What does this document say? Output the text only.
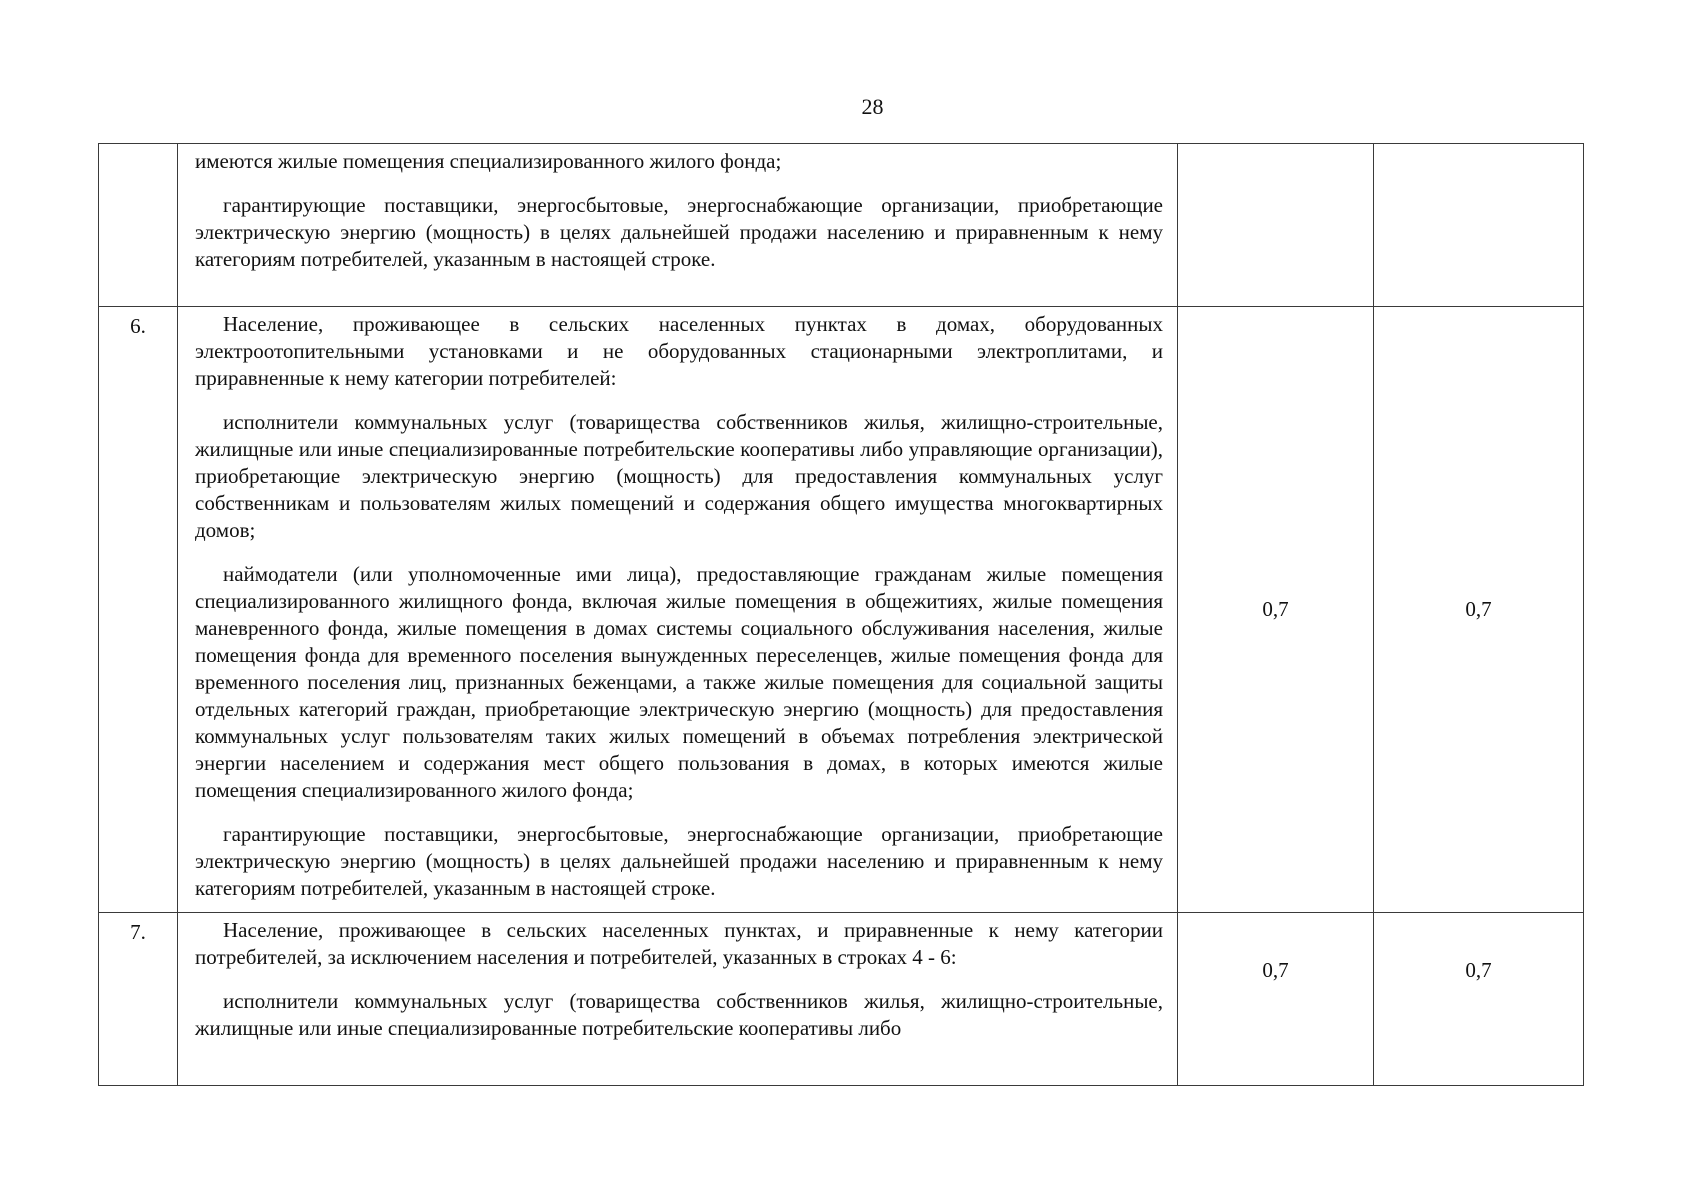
28

	имеются жилые помещения специализированного жилого фонда;

гарантирующие поставщики, энергосбытовые, энергоснабжающие организации, приобретающие электрическую энергию (мощность) в целях дальнейшей продажи населению и приравненным к нему категориям потребителей, указанным в настоящей строке.		

6.	Население, проживающее в сельских населенных пунктах в домах, оборудованных электроотопительными установками и не оборудованных стационарными электроплитами, и приравненные к нему категории потребителей:

исполнители коммунальных услуг (товарищества собственников жилья, жилищно-строительные, жилищные или иные специализированные потребительские кооперативы либо управляющие организации), приобретающие электрическую энергию (мощность) для предоставления коммунальных услуг собственникам и пользователям жилых помещений и содержания общего имущества многоквартирных домов;

наймодатели (или уполномоченные ими лица), предоставляющие гражданам жилые помещения специализированного жилищного фонда, включая жилые помещения в общежитиях, жилые помещения маневренного фонда, жилые помещения в домах системы социального обслуживания населения, жилые помещения фонда для временного поселения вынужденных переселенцев, жилые помещения фонда для временного поселения лиц, признанных беженцами, а также жилые помещения для социальной защиты отдельных категорий граждан, приобретающие электрическую энергию (мощность) для предоставления коммунальных услуг пользователям таких жилых помещений в объемах потребления электрической энергии населением и содержания мест общего пользования в домах, в которых имеются жилые помещения специализированного жилого фонда;

гарантирующие поставщики, энергосбытовые, энергоснабжающие организации, приобретающие электрическую энергию (мощность) в целях дальнейшей продажи населению и приравненным к нему категориям потребителей, указанным в настоящей строке.	0,7	0,7
7.	Население, проживающее в сельских населенных пунктах, и приравненные к нему категории потребителей, за исключением населения и потребителей, указанных в строках 4 - 6:

исполнители коммунальных услуг (товарищества собственников жилья, жилищно-строительные, жилищные или иные специализированные потребительские кооперативы либо	0,7	0,7
